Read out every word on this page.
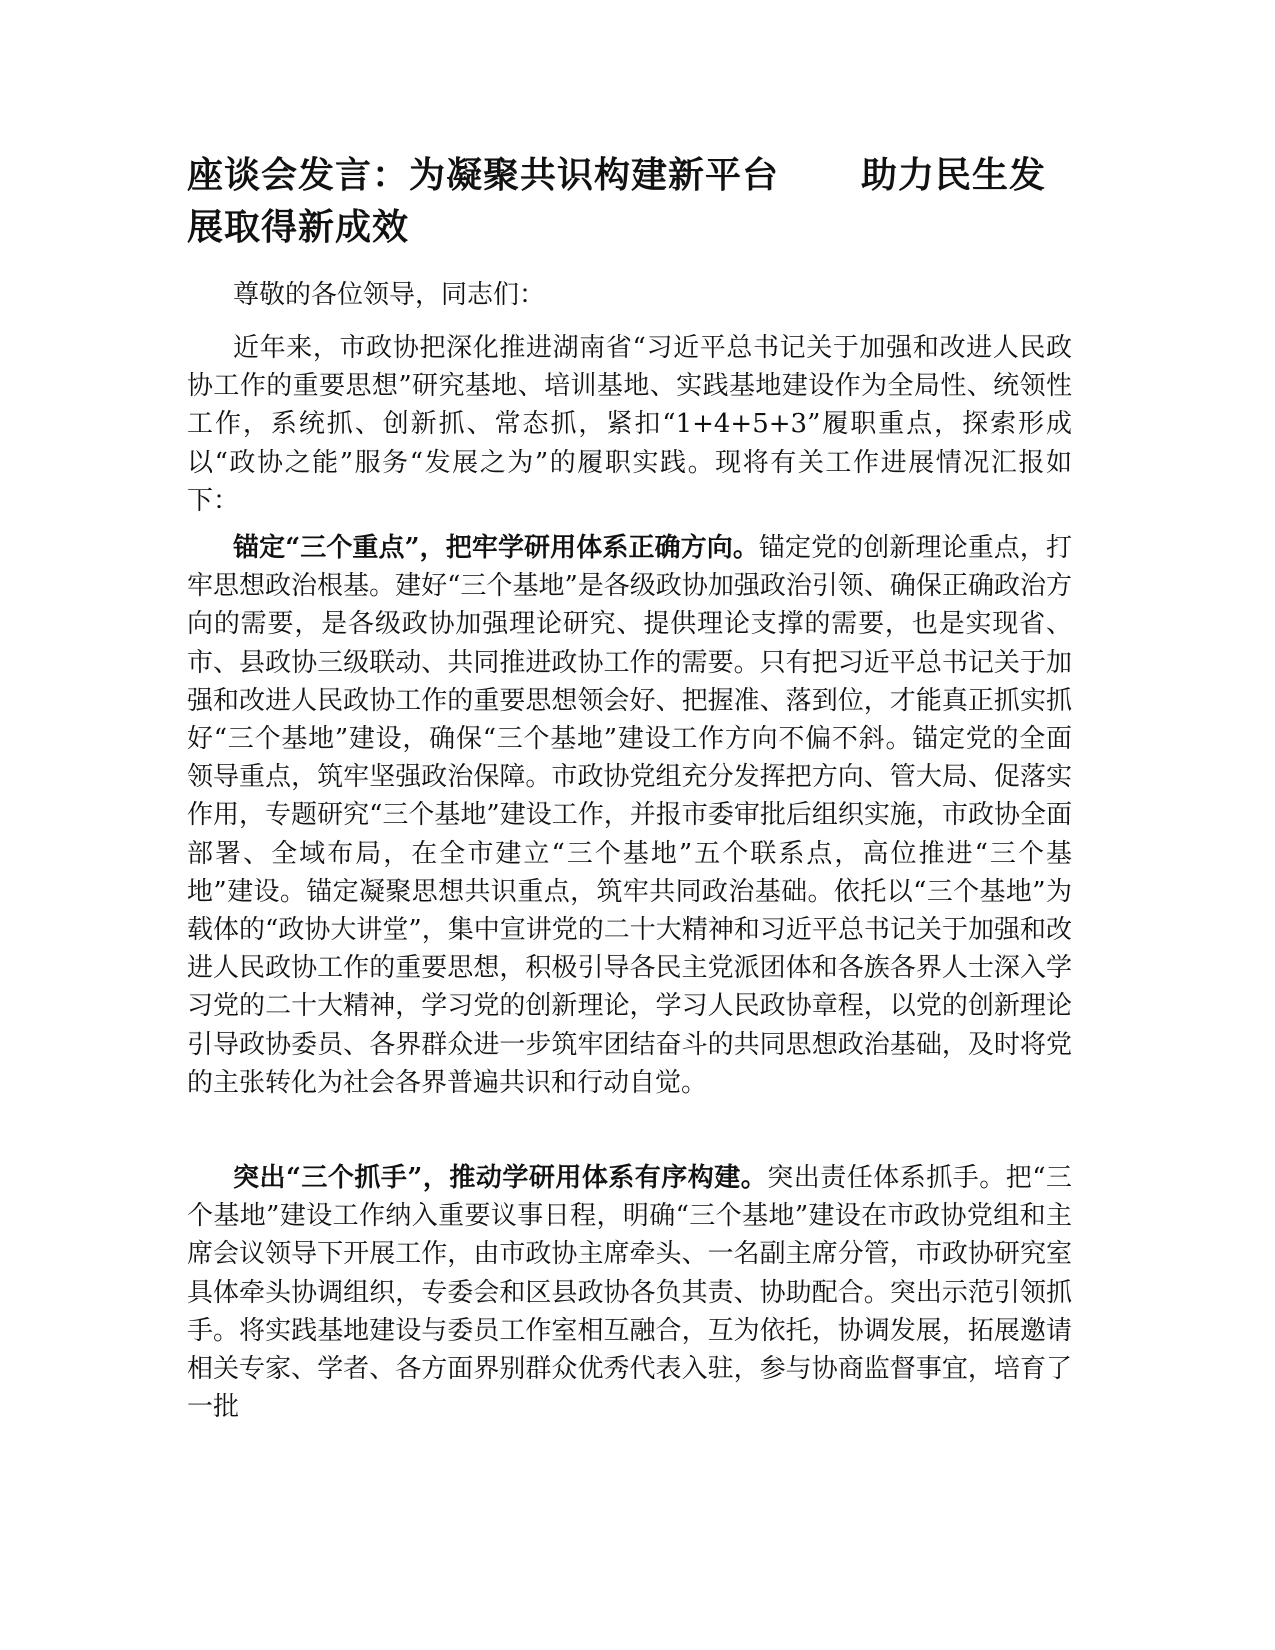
座谈会发言：为凝聚共识构建新平台 助力民生发展取得新成效

尊敬的各位领导，同志们：

近年来，市政协把深化推进湖南省“习近平总书记关于加强和改进人民政协工作的重要思想”研究基地、培训基地、实践基地建设作为全局性、统领性工作，系统抓、创新抓、常态抓，紧扣“1+4+5+3”履职重点，探索形成以“政协之能”服务“发展之为”的履职实践。现将有关工作进展情况汇报如下：

锚定“三个重点”，把牢学研用体系正确方向。锚定党的创新理论重点，打牢思想政治根基。建好“三个基地”是各级政协加强政治引领、确保正确政治方向的需要，是各级政协加强理论研究、提供理论支撑的需要，也是实现省、市、县政协三级联动、共同推进政协工作的需要。只有把习近平总书记关于加强和改进人民政协工作的重要思想领会好、把握准、落到位，才能真正抓实抓好“三个基地”建设，确保“三个基地”建设工作方向不偏不斜。锚定党的全面领导重点，筑牢坚强政治保障。市政协党组充分发挥把方向、管大局、促落实作用，专题研究“三个基地”建设工作，并报市委审批后组织实施，市政协全面部署、全域布局，在全市建立“三个基地”五个联系点，高位推进“三个基地”建设。锚定凝聚思想共识重点，筑牢共同政治基础。依托以“三个基地”为载体的“政协大讲堂”，集中宣讲党的二十大精神和习近平总书记关于加强和改进人民政协工作的重要思想，积极引导各民主党派团体和各族各界人士深入学习党的二十大精神，学习党的创新理论，学习人民政协章程，以党的创新理论引导政协委员、各界群众进一步筑牢团结奋斗的共同思想政治基础，及时将党的主张转化为社会各界普遍共识和行动自觉。

突出“三个抓手”，推动学研用体系有序构建。突出责任体系抓手。把“三个基地”建设工作纳入重要议事日程，明确“三个基地”建设在市政协党组和主席会议领导下开展工作，由市政协主席牵头、一名副主席分管，市政协研究室具体牵头协调组织，专委会和区县政协各负其责、协助配合。突出示范引领抓手。将实践基地建设与委员工作室相互融合，互为依托，协调发展，拓展邀请相关专家、学者、各方面界别群众优秀代表入驻，参与协商监督事宜，培育了一批
